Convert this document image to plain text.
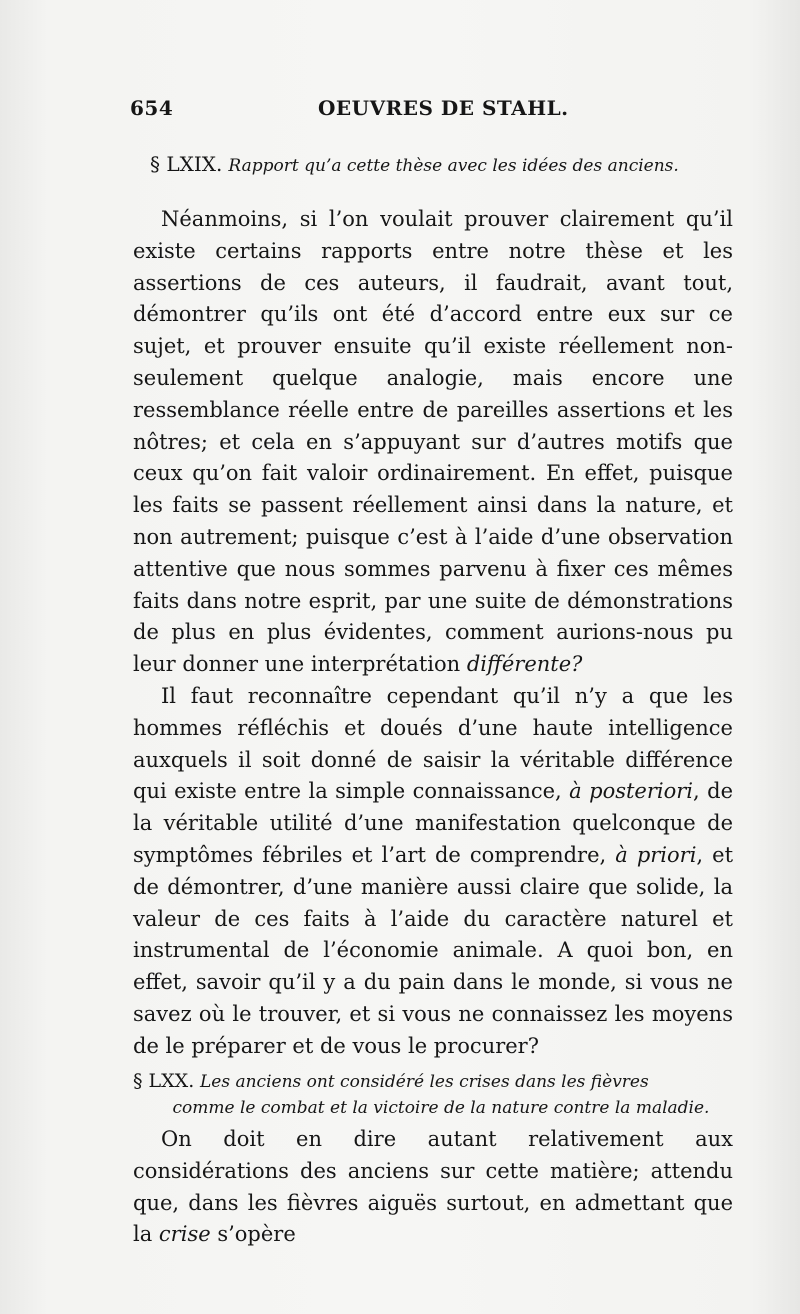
654	OEUVRES DE STAHL.
§ LXIX. Rapport qu’a cette thèse avec les idées des anciens.

Néanmoins, si l’on voulait prouver clairement qu’il existe certains rapports entre notre thèse et les assertions de ces auteurs, il faudrait, avant tout, démontrer qu’ils ont été d’accord entre eux sur ce sujet, et prouver ensuite qu’il existe réellement non-seulement quelque analogie, mais encore une ressemblance réelle entre de pareilles assertions et les nôtres; et cela en s’appuyant sur d’autres motifs que ceux qu’on fait valoir ordinairement. En effet, puisque les faits se passent réellement ainsi dans la nature, et non autrement; puisque c’est à l’aide d’une observation attentive que nous sommes parvenu à fixer ces mêmes faits dans notre esprit, par une suite de démonstrations de plus en plus évidentes, comment aurions-nous pu leur donner une interprétation différente?

Il faut reconnaître cependant qu’il n’y a que les hommes réfléchis et doués d’une haute intelligence auxquels il soit donné de saisir la véritable différence qui existe entre la simple connaissance, à posteriori, de la véritable utilité d’une manifestation quelconque de symptômes fébriles et l’art de comprendre, à priori, et de démontrer, d’une manière aussi claire que solide, la valeur de ces faits à l’aide du caractère naturel et instrumental de l’économie animale. A quoi bon, en effet, savoir qu’il y a du pain dans le monde, si vous ne savez où le trouver, et si vous ne connaissez les moyens de le préparer et de vous le procurer?

§ LXX. Les anciens ont considéré les crises dans les fièvres
comme le combat et la victoire de la nature contre la maladie.

On doit en dire autant relativement aux considérations des anciens sur cette matière; attendu que, dans les fièvres aiguës surtout, en admettant que la crise s’opère
